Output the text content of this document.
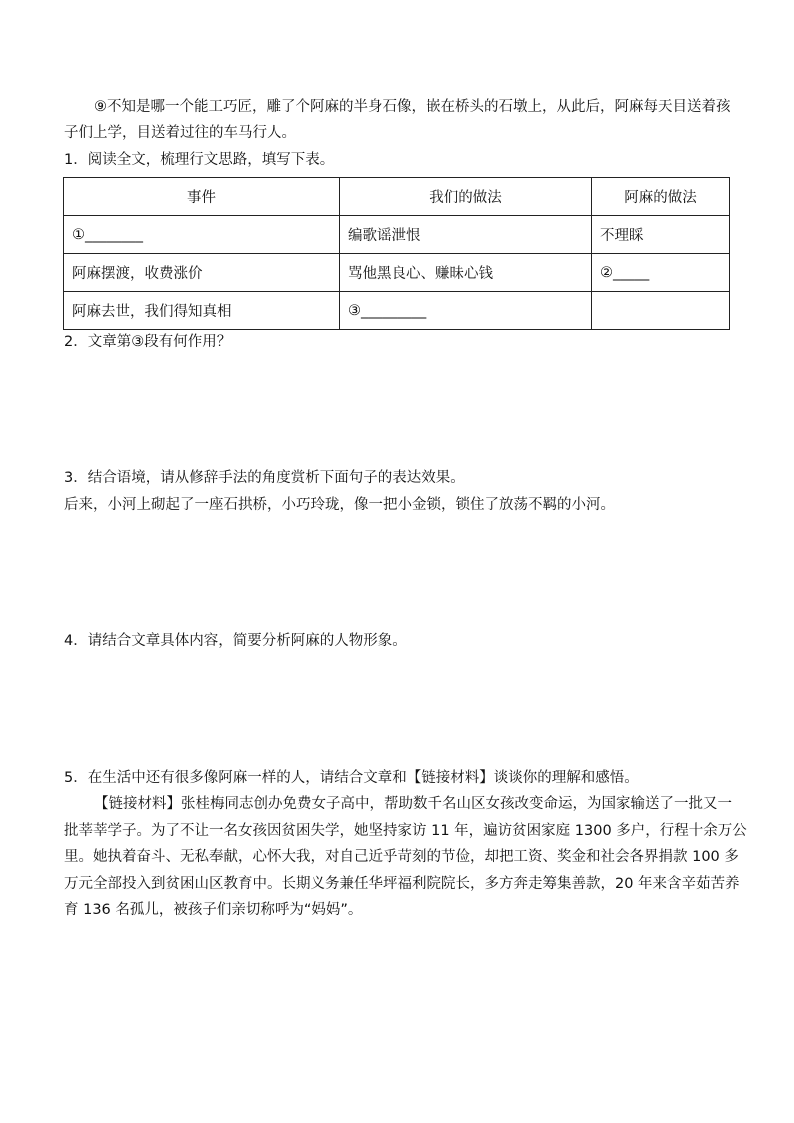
⑨不知是哪一个能工巧匠，雕了个阿麻的半身石像，嵌在桥头的石墩上，从此后，阿麻每天目送着孩
子们上学，目送着过往的车马行人。
1．阅读全文，梳理行文思路，填写下表。
事件	我们的做法	阿麻的做法
①________	编歌谣泄恨	不理睬
阿麻摆渡，收费涨价	骂他黑良心、赚昧心钱	②_____
阿麻去世，我们得知真相	③_________	
2．文章第③段有何作用？
3．结合语境，请从修辞手法的角度赏析下面句子的表达效果。
后来，小河上砌起了一座石拱桥，小巧玲珑，像一把小金锁，锁住了放荡不羁的小河。
4．请结合文章具体内容，简要分析阿麻的人物形象。
5．在生活中还有很多像阿麻一样的人，请结合文章和【链接材料】谈谈你的理解和感悟。
【链接材料】张桂梅同志创办免费女子高中，帮助数千名山区女孩改变命运，为国家输送了一批又一
批莘莘学子。为了不让一名女孩因贫困失学，她坚持家访 11 年，遍访贫困家庭 1300 多户，行程十余万公
里。她执着奋斗、无私奉献，心怀大我，对自己近乎苛刻的节俭，却把工资、奖金和社会各界捐款 100 多
万元全部投入到贫困山区教育中。长期义务兼任华坪福利院院长，多方奔走筹集善款，20 年来含辛茹苦养
育 136 名孤儿，被孩子们亲切称呼为“妈妈”。
